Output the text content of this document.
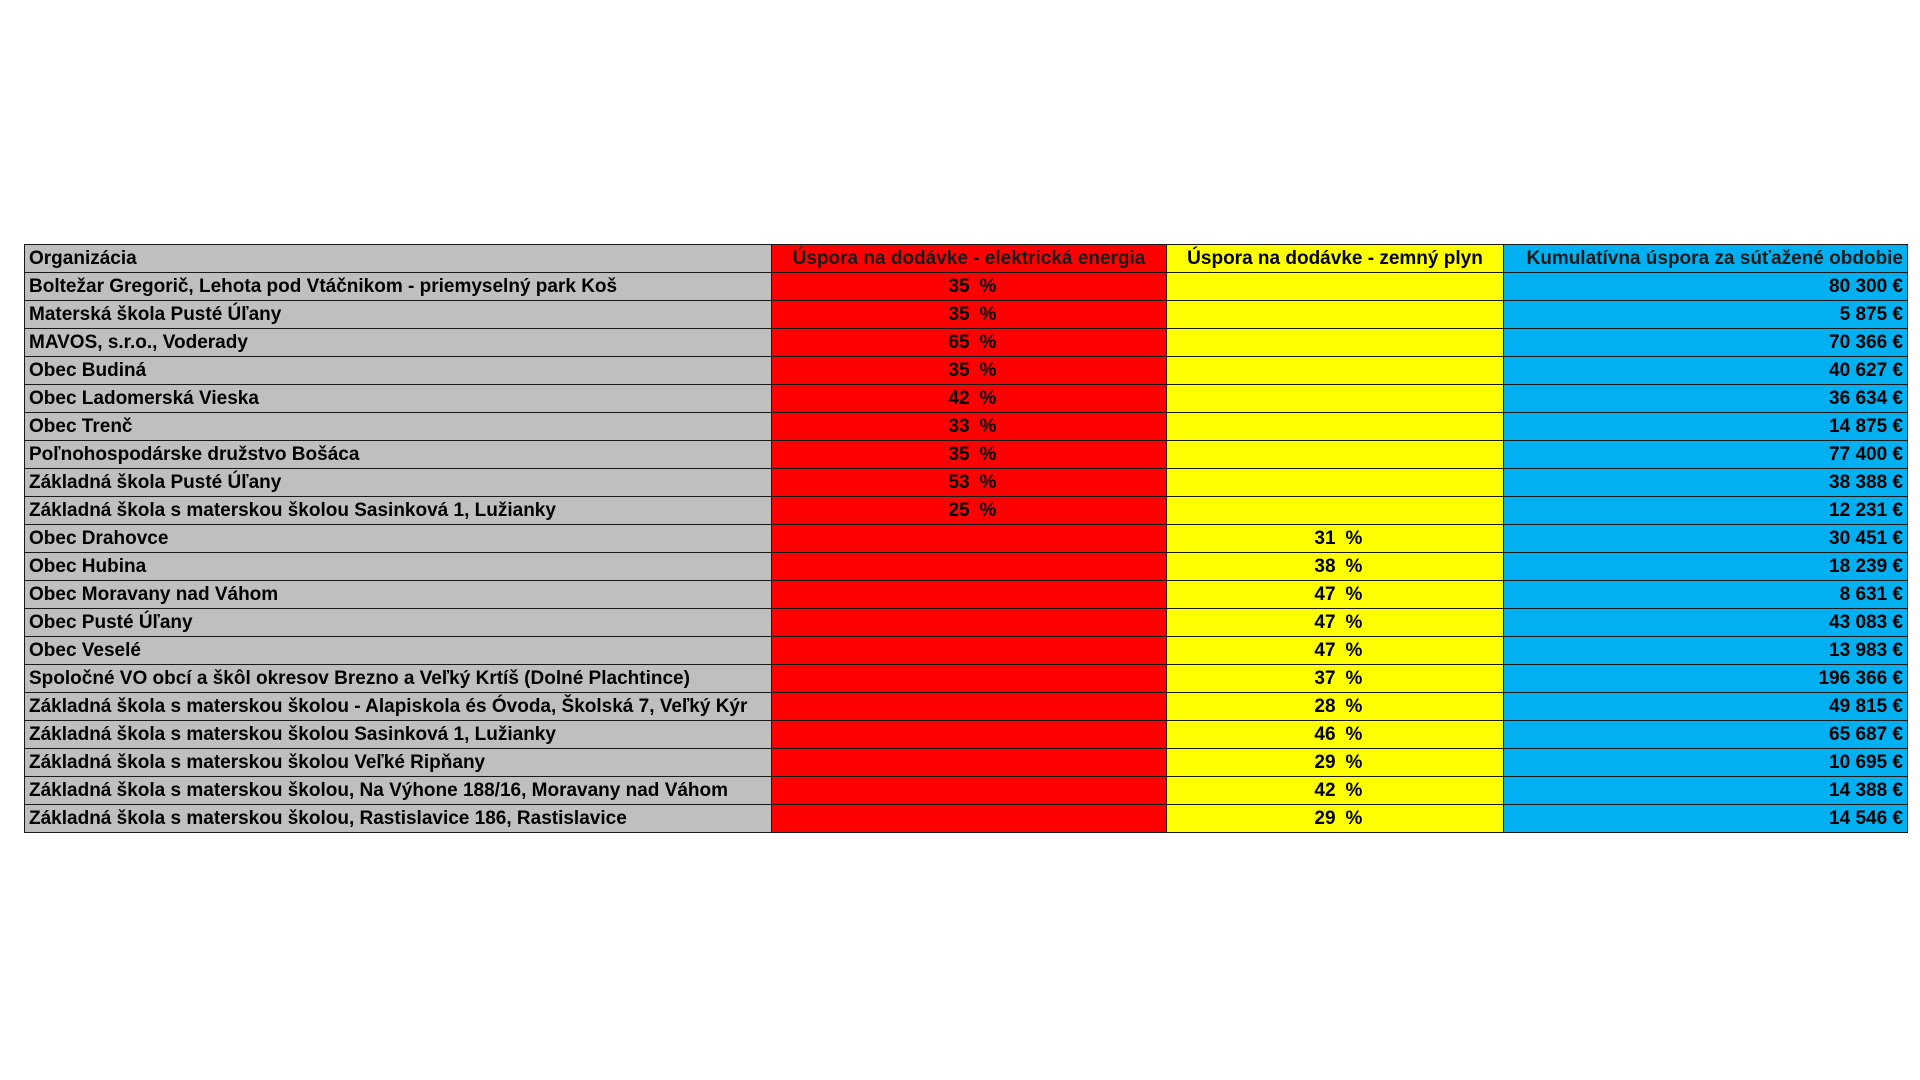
Organizácia	Úspora na dodávke - elektrická energia	Úspora na dodávke - zemný plyn	Kumulatívna úspora za súťažené obdobie
Boltežar Gregorič, Lehota pod Vtáčnikom - priemyselný park Koš	35 %		80 300 €
Materská škola Pusté Úľany	35 %		5 875 €
MAVOS, s.r.o., Voderady	65 %		70 366 €
Obec Budiná	35 %		40 627 €
Obec Ladomerská Vieska	42 %		36 634 €
Obec Trenč	33 %		14 875 €
Poľnohospodárske družstvo Bošáca	35 %		77 400 €
Základná škola Pusté Úľany	53 %		38 388 €
Základná škola s materskou školou Sasinková 1, Lužianky	25 %		12 231 €
Obec Drahovce		31 %	30 451 €
Obec Hubina		38 %	18 239 €
Obec Moravany nad Váhom		47 %	8 631 €
Obec Pusté Úľany		47 %	43 083 €
Obec Veselé		47 %	13 983 €
Spoločné VO obcí a škôl okresov Brezno a Veľký Krtíš (Dolné Plachtince)		37 %	196 366 €
Základná škola s materskou školou - Alapiskola és Óvoda, Školská 7, Veľký Kýr		28 %	49 815 €
Základná škola s materskou školou Sasinková 1, Lužianky		46 %	65 687 €
Základná škola s materskou školou Veľké Ripňany		29 %	10 695 €
Základná škola s materskou školou, Na Výhone 188/16, Moravany nad Váhom		42 %	14 388 €
Základná škola s materskou školou, Rastislavice 186, Rastislavice		29 %	14 546 €
